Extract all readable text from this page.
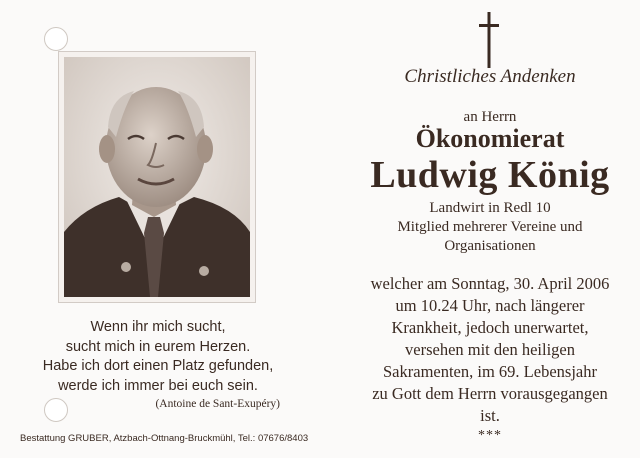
Wenn ihr mich sucht,
sucht mich in eurem Herzen.
Habe ich dort einen Platz gefunden,
werde ich immer bei euch sein.
(Antoine de Sant-Exupéry)
Bestattung GRUBER, Atzbach-Ottnang-Bruckmühl, Tel.: 07676/8403
Christliches Andenken
an Herrn
Ökonomierat
Ludwig König
Landwirt in Redl 10
Mitglied mehrerer Vereine und
Organisationen
welcher am Sonntag, 30. April 2006
um 10.24 Uhr, nach längerer
Krankheit, jedoch unerwartet,
versehen mit den heiligen
Sakramenten, im 69. Lebensjahr
zu Gott dem Herrn vorausgegangen
ist.
***
